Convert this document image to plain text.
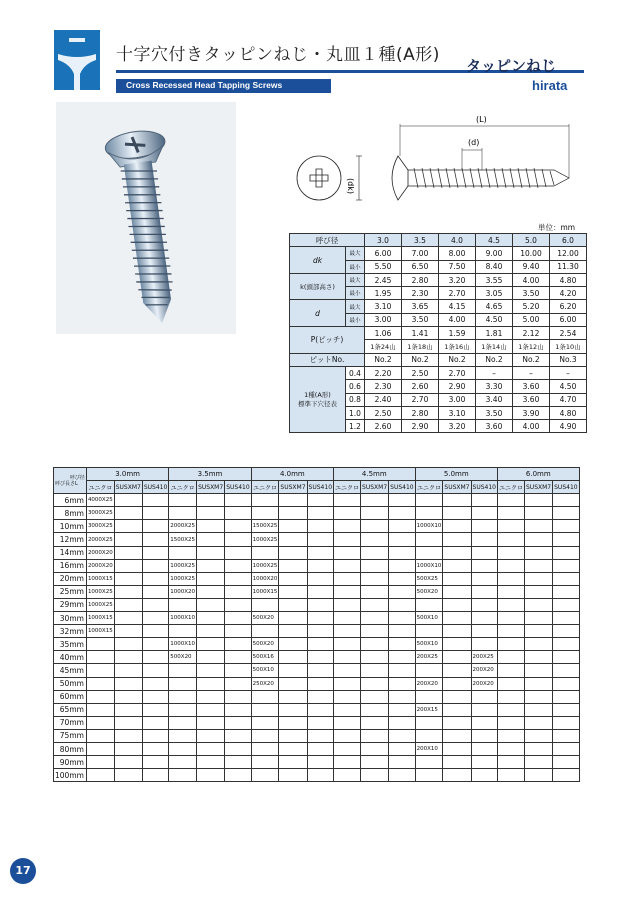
十字穴付きタッピンねじ・丸皿１種(A形)
Cross Recessed Head Tapping Screws
タッピンねじ
hirata
(dk)
(L)
(d)
単位：mm
呼び径		3.0	3.5	4.0	4.5	5.0	6.0
dk	最大	6.00	7.00	8.00	9.00	10.00	12.00
	最小	5.50	6.50	7.50	8.40	9.40	11.30
k(頭部高さ)	最大	2.45	2.80	3.20	3.55	4.00	4.80
	最小	1.95	2.30	2.70	3.05	3.50	4.20
d	最大	3.10	3.65	4.15	4.65	5.20	6.20
	最小	3.00	3.50	4.00	4.50	5.00	6.00
P(ピッチ)		1.06	1.41	1.59	1.81	2.12	2.54
		1条24山	1条18山	1条16山	1条14山	1条12山	1条10山
ピットNo.		No.2	No.2	No.2	No.2	No.2	No.3
1種(A形)
標準下穴径表	0.4	2.20	2.50	2.70	–	–	–
	0.6	2.30	2.60	2.90	3.30	3.60	4.50
	0.8	2.40	2.70	3.00	3.40	3.60	4.70
	1.0	2.50	2.80	3.10	3.50	3.90	4.80
	1.2	2.60	2.90	3.20	3.60	4.00	4.90
呼び径
呼び長さL	3.0mm			3.5mm			4.0mm			4.5mm			5.0mm			6.0mm		
	ユニクロ	SUSXM7	SUS410	ユニクロ	SUSXM7	SUS410	ユニクロ	SUSXM7	SUS410	ユニクロ	SUSXM7	SUS410	ユニクロ	SUSXM7	SUS410	ユニクロ	SUSXM7	SUS410
6mm	4000X25																	
8mm	3000X25																	
10mm	3000X25			2000X25			1500X25						1000X10					
12mm	2000X25			1500X25			1000X25											
14mm	2000X20																	
16mm	2000X20			1000X25			1000X25						1000X10					
20mm	1000X15			1000X25			1000X20						500X25					
25mm	1000X25			1000X20			1000X15						500X20					
29mm	1000X25																	
30mm	1000X15			1000X10			500X20						500X10					
32mm	1000X15																	
35mm				1000X10			500X20						500X10					
40mm				500X20			500X16						200X25		200X25			
45mm							500X10								200X20			
50mm							250X20						200X20		200X20			
60mm																		
65mm													200X15					
70mm																		
75mm																		
80mm													200X10					
90mm																		
100mm																		
17
